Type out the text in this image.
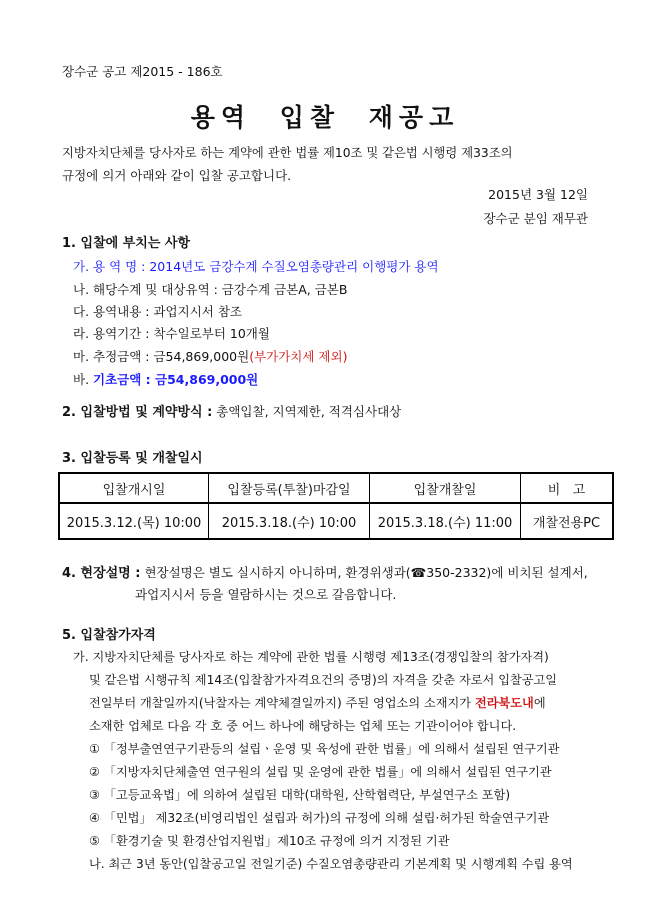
장수군 공고 제2015 - 186호
용역 입찰 재공고
지방자치단체를 당사자로 하는 계약에 관한 법률 제10조 및 같은법 시행령 제33조의
규정에 의거 아래와 같이 입찰 공고합니다.
2015년 3월 12일
장수군 분임 재무관
1. 입찰에 부치는 사항
가. 용 역 명 : 2014년도 금강수계 수질오염총량관리 이행평가 용역
나. 해당수계 및 대상유역 : 금강수계 금본A, 금본B
다. 용역내용 : 과업지시서 참조
라. 용역기간 : 착수일로부터 10개월
마. 추정금액 : 금54,869,000원(부가가치세 제외)
바. 기초금액 : 금54,869,000원
2. 입찰방법 및 계약방식 : 총액입찰, 지역제한, 적격심사대상
3. 입찰등록 및 개찰일시
입찰개시일	입찰등록(투찰)마감일	입찰개찰일	비   고
2015.3.12.(목) 10:00	2015.3.18.(수) 10:00	2015.3.18.(수) 11:00	개찰전용PC
4. 현장설명 : 현장설명은 별도 실시하지 아니하며, 환경위생과(☎350-2332)에 비치된 설계서,
과업지시서 등을 열람하시는 것으로 갈음합니다.
5. 입찰참가자격
가. 지방자치단체를 당사자로 하는 계약에 관한 법률 시행령 제13조(경쟁입찰의 참가자격)
및 같은법 시행규칙 제14조(입찰참가자격요건의 증명)의 자격을 갖춘 자로서 입찰공고일
전일부터 개찰일까지(낙찰자는 계약체결일까지) 주된 영업소의 소재지가 전라북도내에
소재한 업체로 다음 각 호 중 어느 하나에 해당하는 업체 또는 기관이어야 합니다.
① 「정부출연연구기관등의 설립ㆍ운영 및 육성에 관한 법률」에 의해서 설립된 연구기관
② 「지방자치단체출연 연구원의 설립 및 운영에 관한 법률」에 의해서 설립된 연구기관
③ 「고등교육법」에 의하여 설립된 대학(대학원, 산학협력단, 부설연구소 포함)
④ 「민법」 제32조(비영리법인 설립과 허가)의 규정에 의해 설립·허가된 학술연구기관
⑤ 「환경기술 및 환경산업지원법」제10조 규정에 의거 지정된 기관
나. 최근 3년 동안(입찰공고일 전일기준) 수질오염총량관리 기본계획 및 시행계획 수립 용역
